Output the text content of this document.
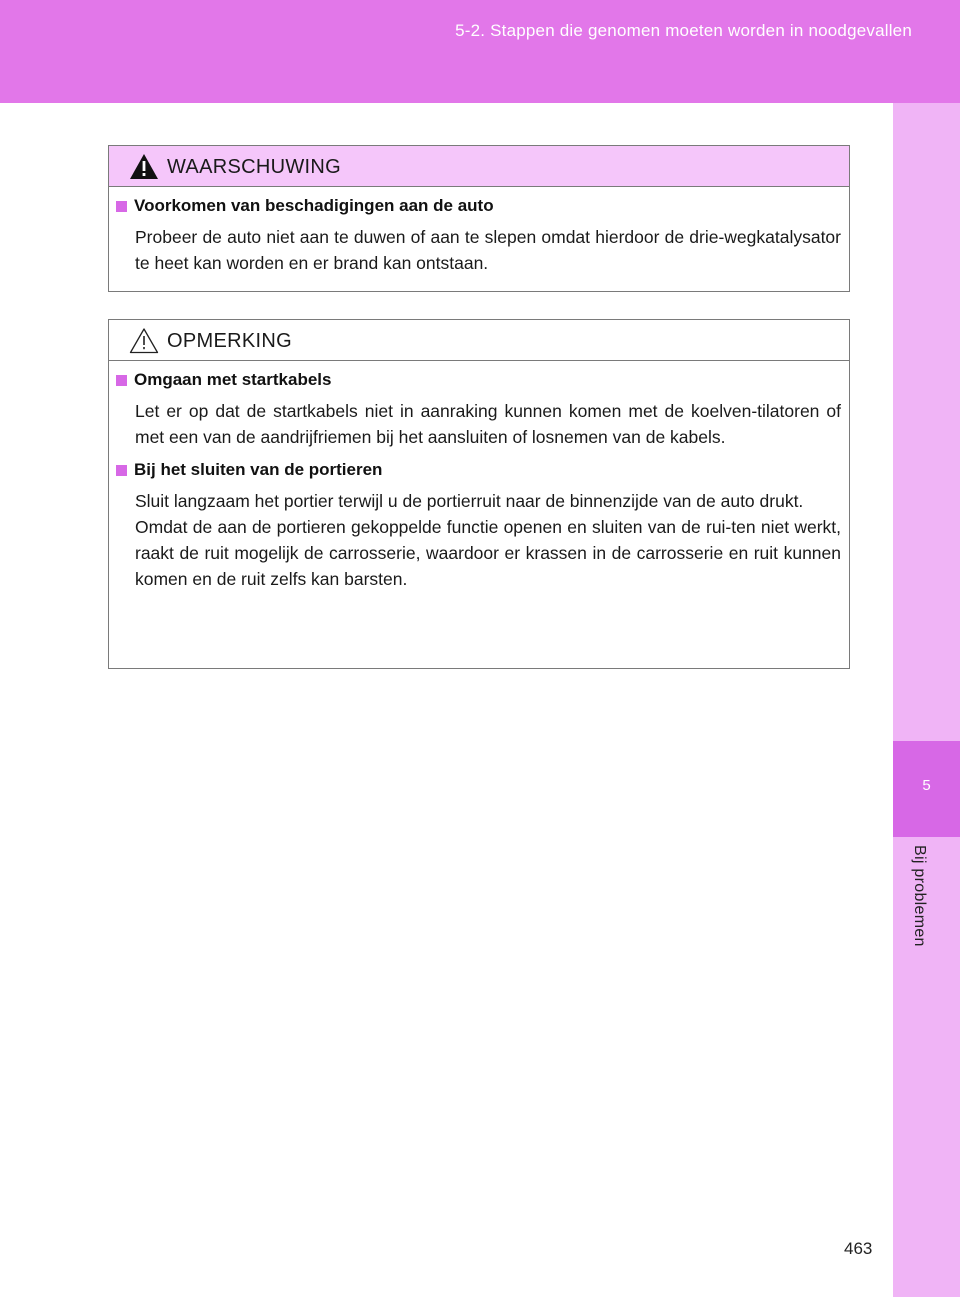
5-2. Stappen die genomen moeten worden in noodgevallen
5
Bij problemen
WAARSCHUWING
Voorkomen van beschadigingen aan de auto

Probeer de auto niet aan te duwen of aan te slepen omdat hierdoor de drie-wegkatalysator te heet kan worden en er brand kan ontstaan.

OPMERKING
Omgaan met startkabels

Let er op dat de startkabels niet in aanraking kunnen komen met de koelven-tilatoren of met een van de aandrijfriemen bij het aansluiten of losnemen van de kabels.

Bij het sluiten van de portieren

Sluit langzaam het portier terwijl u de portierruit naar de binnenzijde van de auto drukt.

Omdat de aan de portieren gekoppelde functie openen en sluiten van de rui-ten niet werkt, raakt de ruit mogelijk de carrosserie, waardoor er krassen in de carrosserie en ruit kunnen komen en de ruit zelfs kan barsten.

463
